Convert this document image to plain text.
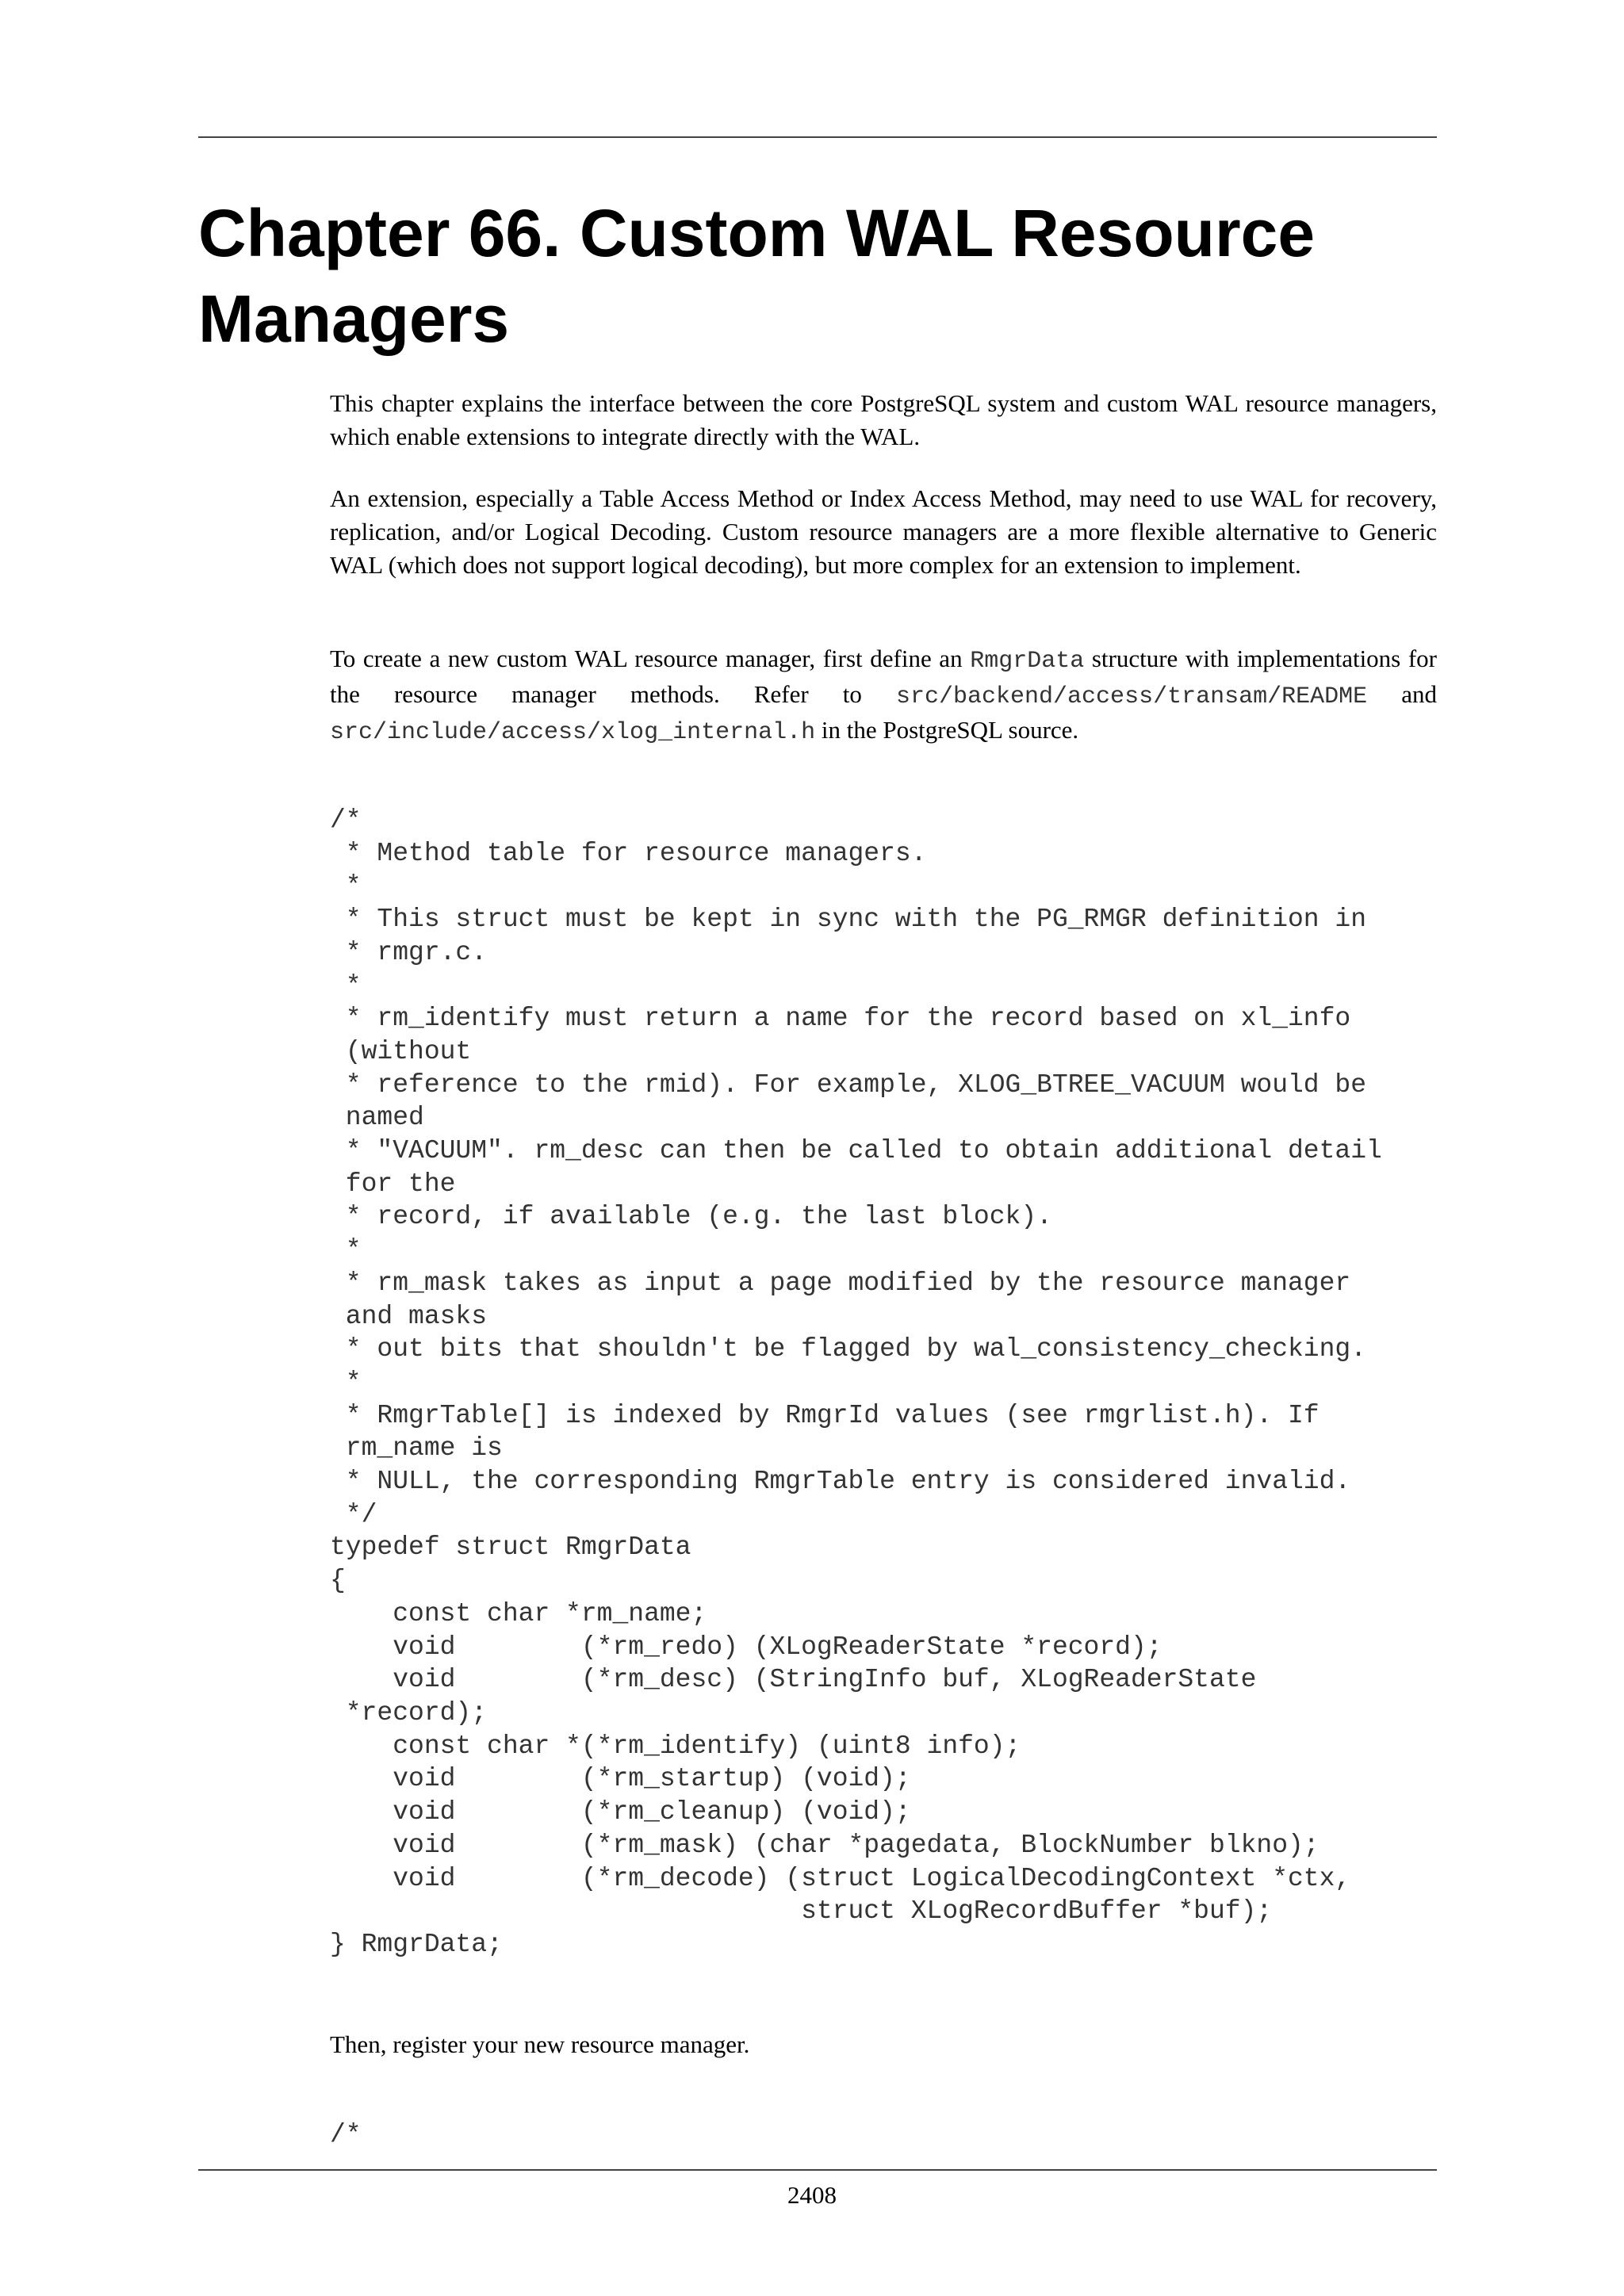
Chapter 66. Custom WAL Resource Managers

This chapter explains the interface between the core PostgreSQL system and custom WAL resource managers, which enable extensions to integrate directly with the WAL.

An extension, especially a Table Access Method or Index Access Method, may need to use WAL for recovery, replication, and/or Logical Decoding. Custom resource managers are a more flexible alternative to Generic WAL (which does not support logical decoding), but more complex for an extension to implement.

To create a new custom WAL resource manager, first define an RmgrData structure with implementations for the resource manager methods. Refer to src/backend/access/transam/README and src/include/access/xlog_internal.h in the PostgreSQL source.

/*
* Method table for resource managers.
*
* This struct must be kept in sync with the PG_RMGR definition in
* rmgr.c.
*
* rm_identify must return a name for the record based on xl_info
(without
* reference to the rmid). For example, XLOG_BTREE_VACUUM would be
named
* "VACUUM". rm_desc can then be called to obtain additional detail
for the
* record, if available (e.g. the last block).
*
* rm_mask takes as input a page modified by the resource manager
and masks
* out bits that shouldn't be flagged by wal_consistency_checking.
*
* RmgrTable[] is indexed by RmgrId values (see rmgrlist.h). If
rm_name is
* NULL, the corresponding RmgrTable entry is considered invalid.
*/
typedef struct RmgrData
{
const char *rm_name;
void        (*rm_redo) (XLogReaderState *record);
void        (*rm_desc) (StringInfo buf, XLogReaderState
*record);
const char *(*rm_identify) (uint8 info);
void        (*rm_startup) (void);
void        (*rm_cleanup) (void);
void        (*rm_mask) (char *pagedata, BlockNumber blkno);
void        (*rm_decode) (struct LogicalDecodingContext *ctx,
struct XLogRecordBuffer *buf);
} RmgrData;

Then, register your new resource manager.

/*
2408
